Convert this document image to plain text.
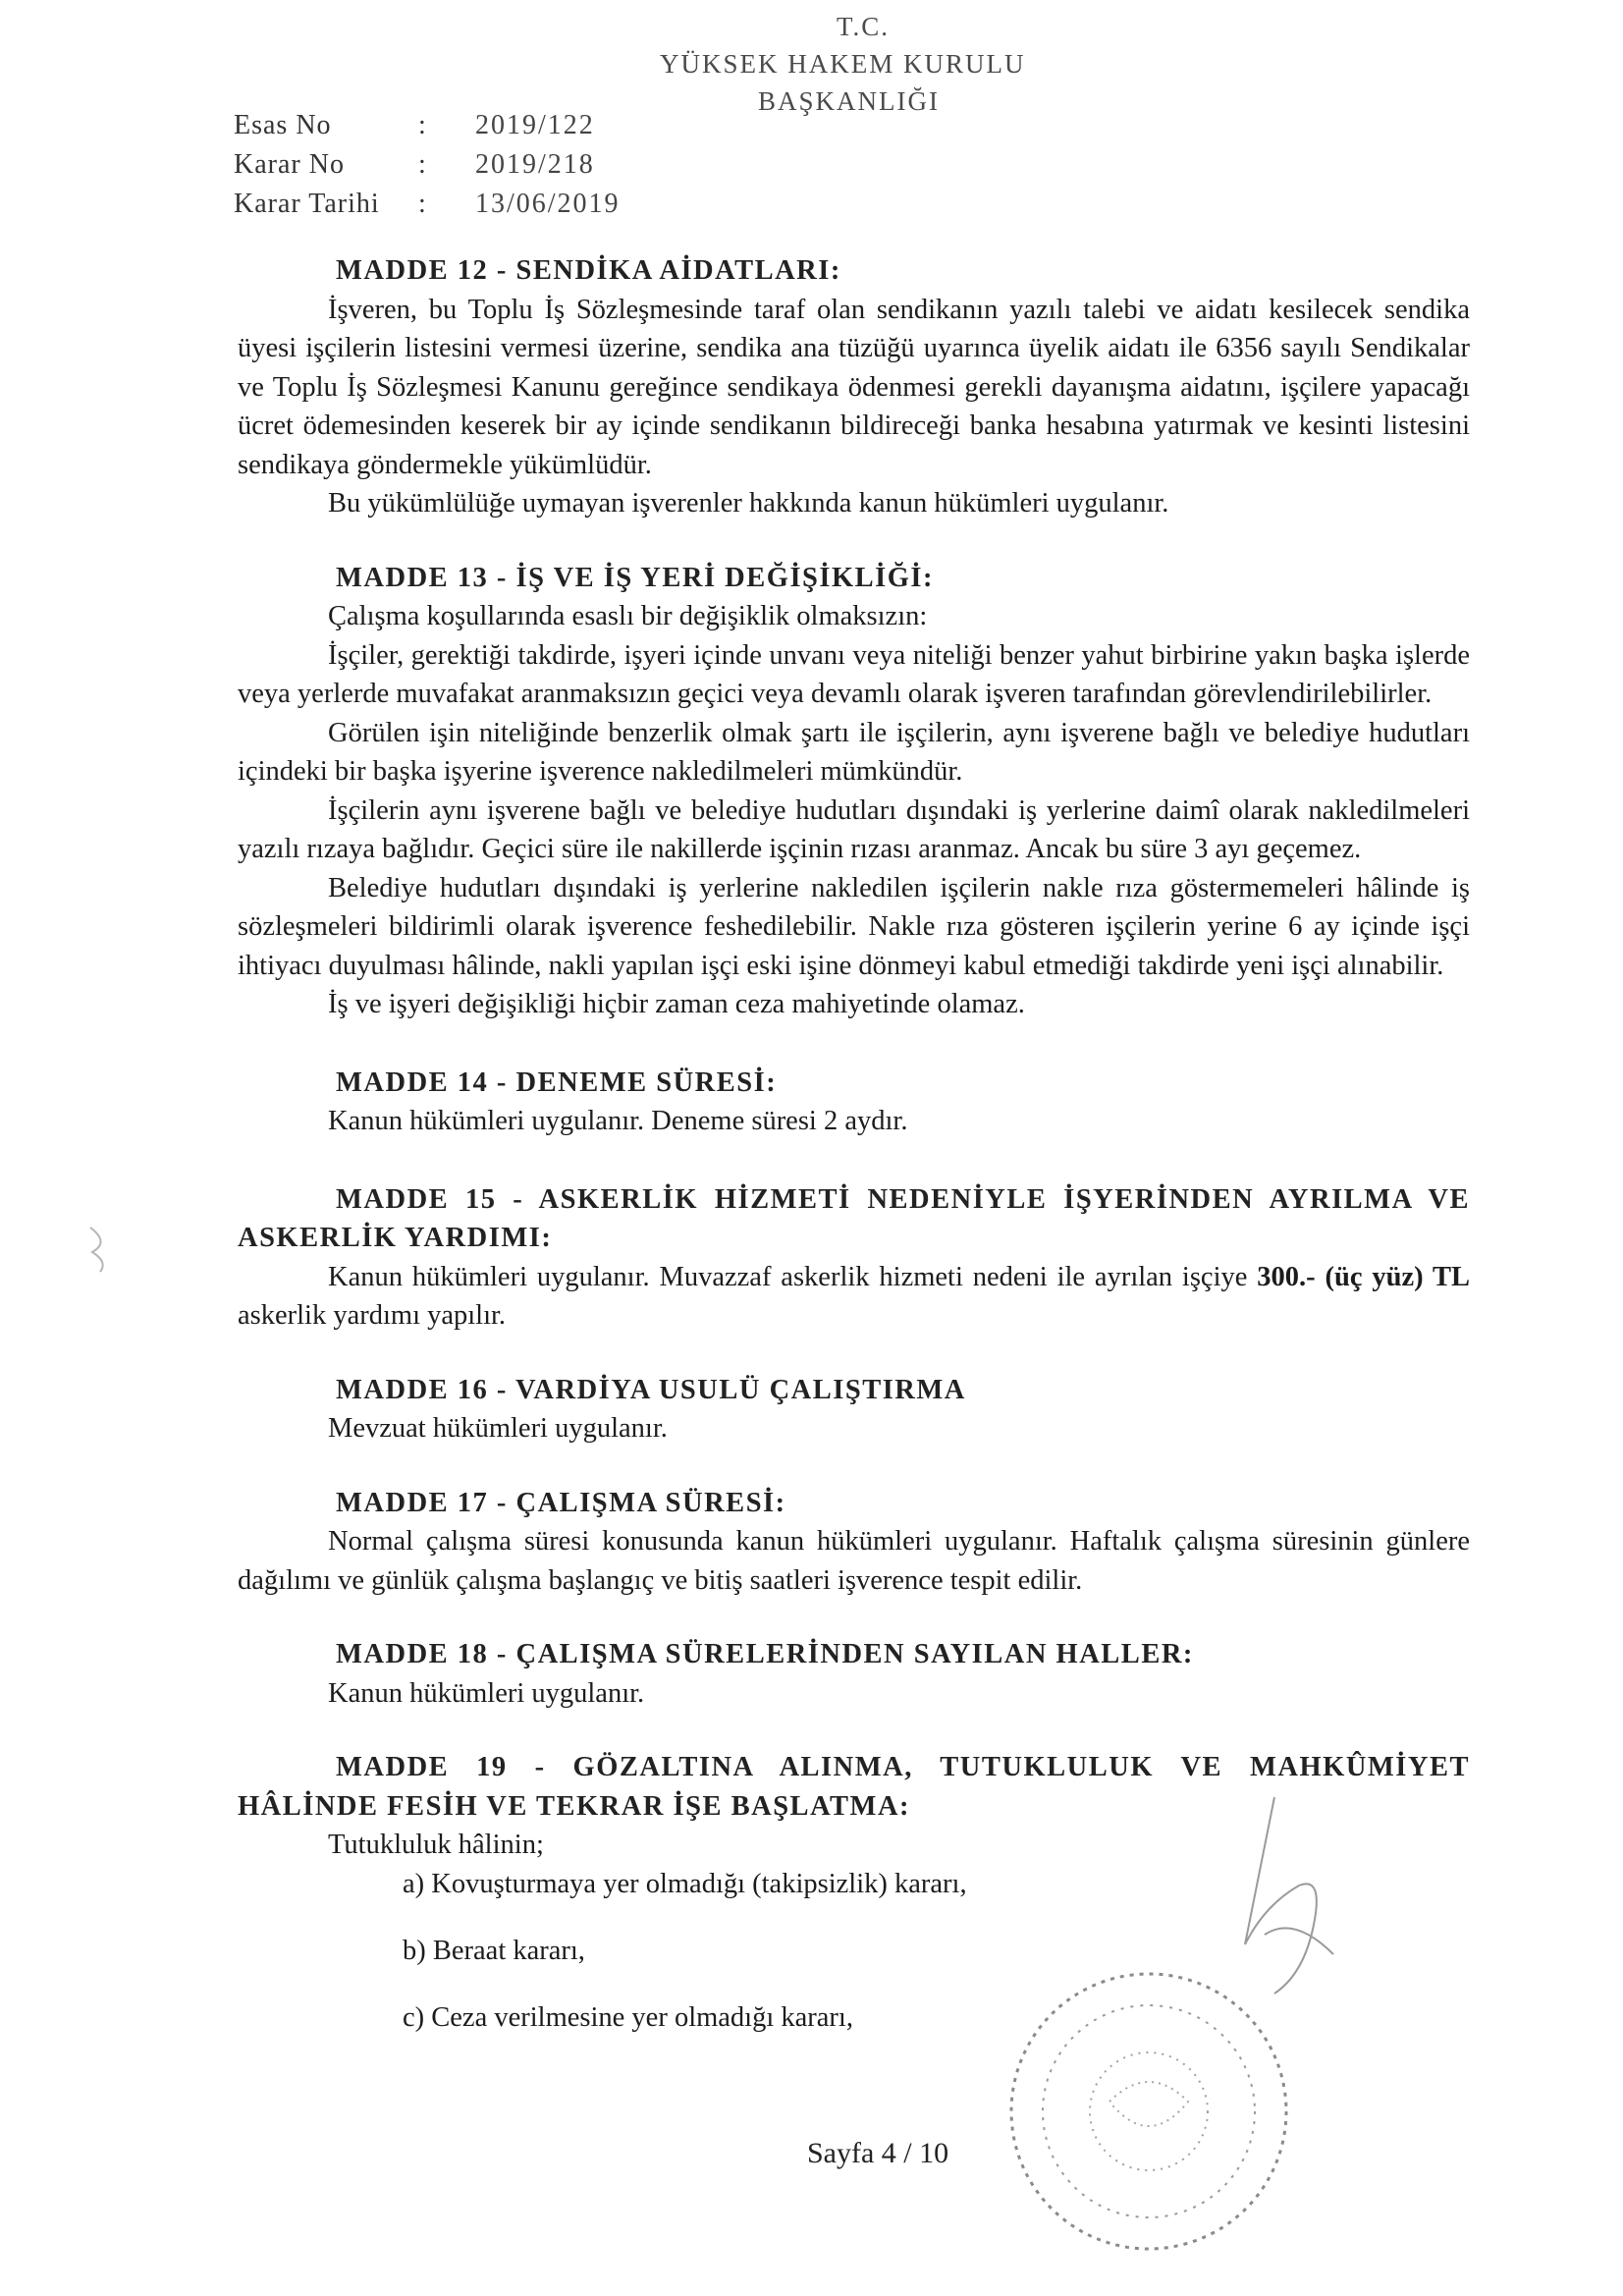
T.C.
YÜKSEK HAKEM KURULU
BAŞKANLIĞI
Esas No	:	2019/122
Karar No	:	2019/218
Karar Tarihi	:	13/06/2019
MADDE 12 - SENDİKA AİDATLARI:

İşveren, bu Toplu İş Sözleşmesinde taraf olan sendikanın yazılı talebi ve aidatı kesilecek sendika üyesi işçilerin listesini vermesi üzerine, sendika ana tüzüğü uyarınca üyelik aidatı ile 6356 sayılı Sendikalar ve Toplu İş Sözleşmesi Kanunu gereğince sendikaya ödenmesi gerekli dayanışma aidatını, işçilere yapacağı ücret ödemesinden keserek bir ay içinde sendikanın bildireceği banka hesabına yatırmak ve kesinti listesini sendikaya göndermekle yükümlüdür.

Bu yükümlülüğe uymayan işverenler hakkında kanun hükümleri uygulanır.

MADDE 13 - İŞ VE İŞ YERİ DEĞİŞİKLİĞİ:

Çalışma koşullarında esaslı bir değişiklik olmaksızın:

İşçiler, gerektiği takdirde, işyeri içinde unvanı veya niteliği benzer yahut birbirine yakın başka işlerde veya yerlerde muvafakat aranmaksızın geçici veya devamlı olarak işveren tarafından görevlendirilebilirler.

Görülen işin niteliğinde benzerlik olmak şartı ile işçilerin, aynı işverene bağlı ve belediye hudutları içindeki bir başka işyerine işverence nakledilmeleri mümkündür.

İşçilerin aynı işverene bağlı ve belediye hudutları dışındaki iş yerlerine daimî olarak nakledilmeleri yazılı rızaya bağlıdır. Geçici süre ile nakillerde işçinin rızası aranmaz. Ancak bu süre 3 ayı geçemez.

Belediye hudutları dışındaki iş yerlerine nakledilen işçilerin nakle rıza göstermemeleri hâlinde iş sözleşmeleri bildirimli olarak işverence feshedilebilir. Nakle rıza gösteren işçilerin yerine 6 ay içinde işçi ihtiyacı duyulması hâlinde, nakli yapılan işçi eski işine dönmeyi kabul etmediği takdirde yeni işçi alınabilir.

İş ve işyeri değişikliği hiçbir zaman ceza mahiyetinde olamaz.

MADDE 14 - DENEME SÜRESİ:

Kanun hükümleri uygulanır. Deneme süresi 2 aydır.

MADDE 15 - ASKERLİK HİZMETİ NEDENİYLE İŞYERİNDEN AYRILMA VE ASKERLİK YARDIMI:

Kanun hükümleri uygulanır. Muvazzaf askerlik hizmeti nedeni ile ayrılan işçiye 300.- (üç yüz) TL askerlik yardımı yapılır.

MADDE 16 - VARDİYA USULÜ ÇALIŞTIRMA

Mevzuat hükümleri uygulanır.

MADDE 17 - ÇALIŞMA SÜRESİ:

Normal çalışma süresi konusunda kanun hükümleri uygulanır. Haftalık çalışma süresinin günlere dağılımı ve günlük çalışma başlangıç ve bitiş saatleri işverence tespit edilir.

MADDE 18 - ÇALIŞMA SÜRELERİNDEN SAYILAN HALLER:

Kanun hükümleri uygulanır.

MADDE 19 - GÖZALTINA ALINMA, TUTUKLULUK VE MAHKÛMİYET HÂLİNDE FESİH VE TEKRAR İŞE BAŞLATMA:

Tutukluluk hâlinin;

a) Kovuşturmaya yer olmadığı (takipsizlik) kararı,

b) Beraat kararı,

c) Ceza verilmesine yer olmadığı kararı,

Sayfa 4 / 10
